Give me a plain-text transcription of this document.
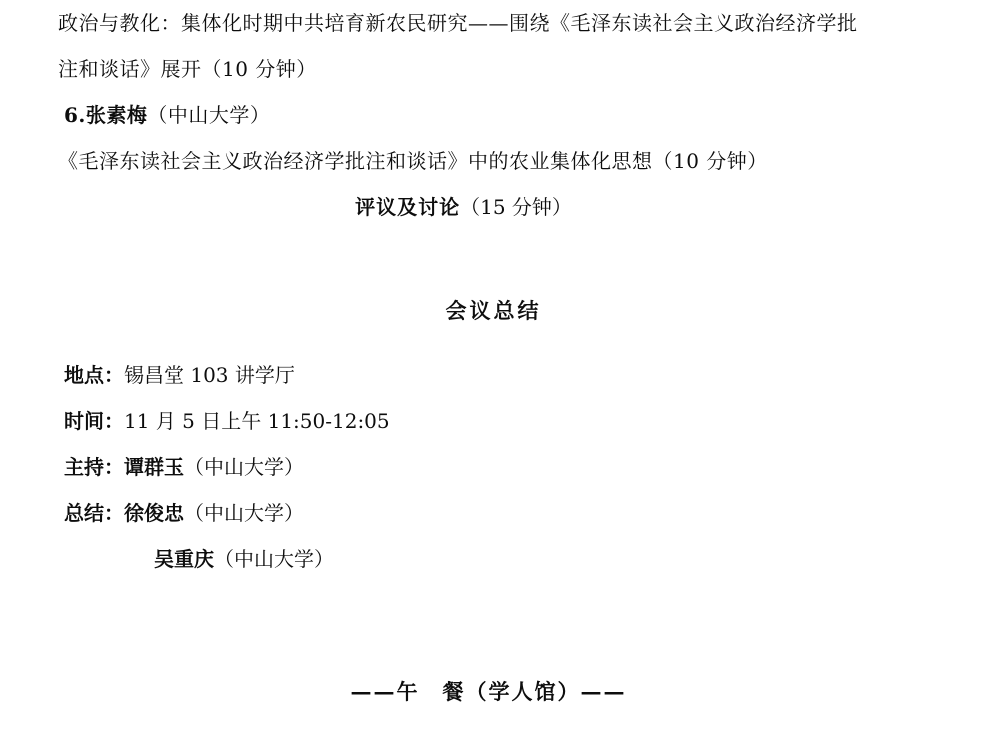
政治与教化：集体化时期中共培育新农民研究——围绕《毛泽东读社会主义政治经济学批
注和谈话》展开（10 分钟）
6.张素梅（中山大学）
《毛泽东读社会主义政治经济学批注和谈话》中的农业集体化思想（10 分钟）
评议及讨论（15 分钟）
会议总结
地点：锡昌堂 103 讲学厅
时间：11 月 5 日上午 11:50-12:05
主持：谭群玉（中山大学）
总结：徐俊忠（中山大学）
吴重庆（中山大学）
——午　餐（学人馆）——
